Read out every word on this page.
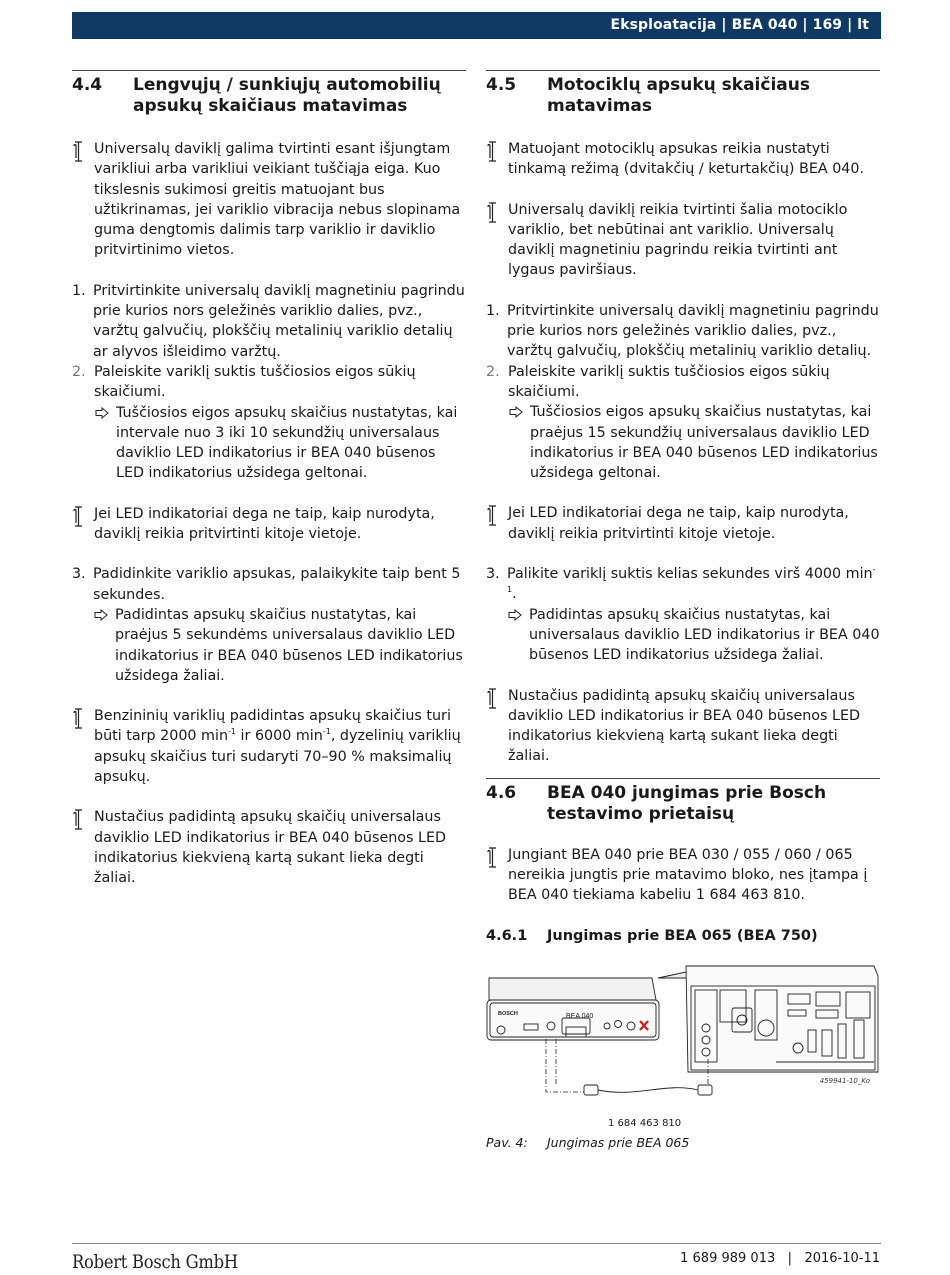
Eksploatacija | BEA 040 | 169 | lt
4.4	Lengvųjų / sunkiųjų automobilių apsukų skaičiaus matavimas
Universalų daviklį galima tvirtinti esant išjungtam varikliui arba varikliui veikiant tuščiąja eiga. Kuo tikslesnis sukimosi greitis matuojant bus užtikrinamas, jei variklio vibracija nebus slopinama guma dengtomis dalimis tarp variklio ir daviklio pritvirtinimo vietos.
1. Pritvirtinkite universalų daviklį magnetiniu pagrindu prie kurios nors geležinės variklio dalies, pvz., varžtų galvučių, plokščių metalinių variklio detalių ar alyvos išleidimo varžtų.
2. Paleiskite variklį suktis tuščiosios eigos sūkių skaičiumi.
Tuščiosios eigos apsukų skaičius nustatytas, kai intervale nuo 3 iki 10 sekundžių universalaus daviklio LED indikatorius ir BEA 040 būsenos LED indikatorius užsidega geltonai.
Jei LED indikatoriai dega ne taip, kaip nurodyta, daviklį reikia pritvirtinti kitoje vietoje.
3. Padidinkite variklio apsukas, palaikykite taip bent 5 sekundes.
Padidintas apsukų skaičius nustatytas, kai praėjus 5 sekundėms universalaus daviklio LED indikatorius ir BEA 040 būsenos LED indikatorius užsidega žaliai.
Benzininių variklių padidintas apsukų skaičius turi būti tarp 2000 $\min^{-1}$ ir 6000 $\min^{-1}$, dyzelinių variklių apsukų skaičius turi sudaryti 70–90 % maksimalių apsukų.
Nustačius padidintą apsukų skaičių universalaus daviklio LED indikatorius ir BEA 040 būsenos LED indikatorius kiekvieną kartą sukant lieka degti žaliai.
4.5	Motociklų apsukų skaičiaus matavimas
Matuojant motociklų apsukas reikia nustatyti tinkamą režimą (dvitakčių / keturtakčių) BEA 040.
Universalų daviklį reikia tvirtinti šalia motociklo variklio, bet nebūtinai ant variklio. Universalų daviklį magnetiniu pagrindu reikia tvirtinti ant lygaus paviršiaus.
1. Pritvirtinkite universalų daviklį magnetiniu pagrindu prie kurios nors geležinės variklio dalies, pvz., varžtų galvučių, plokščių metalinių variklio detalių.
2. Paleiskite variklį suktis tuščiosios eigos sūkių skaičiumi.
Tuščiosios eigos apsukų skaičius nustatytas, kai praėjus 15 sekundžių universalaus daviklio LED indikatorius ir BEA 040 būsenos LED indikatorius užsidega geltonai.
Jei LED indikatoriai dega ne taip, kaip nurodyta, daviklį reikia pritvirtinti kitoje vietoje.
3. Palikite variklį suktis kelias sekundes virš 4000 $\min^{-1}$.
Padidintas apsukų skaičius nustatytas, kai universalaus daviklio LED indikatorius ir BEA 040 būsenos LED indikatorius užsidega žaliai.
Nustačius padidintą apsukų skaičių universalaus daviklio LED indikatorius ir BEA 040 būsenos LED indikatorius kiekvieną kartą sukant lieka degti žaliai.
4.6	BEA 040 jungimas prie Bosch testavimo prietaisų
Jungiant BEA 040 prie BEA 030 / 055 / 060 / 065 nereikia jungtis prie matavimo bloko, nes įtampa į BEA 040 tiekiama kabeliu 1 684 463 810.
4.6.1	Jungimas prie BEA 065 (BEA 750)
BOSCH	BEA 040
459941-10_Ko
1 684 463 810
Pav. 4:	Jungimas prie BEA 065
Robert Bosch GmbH	1 689 989 013 | 2016-10-11
